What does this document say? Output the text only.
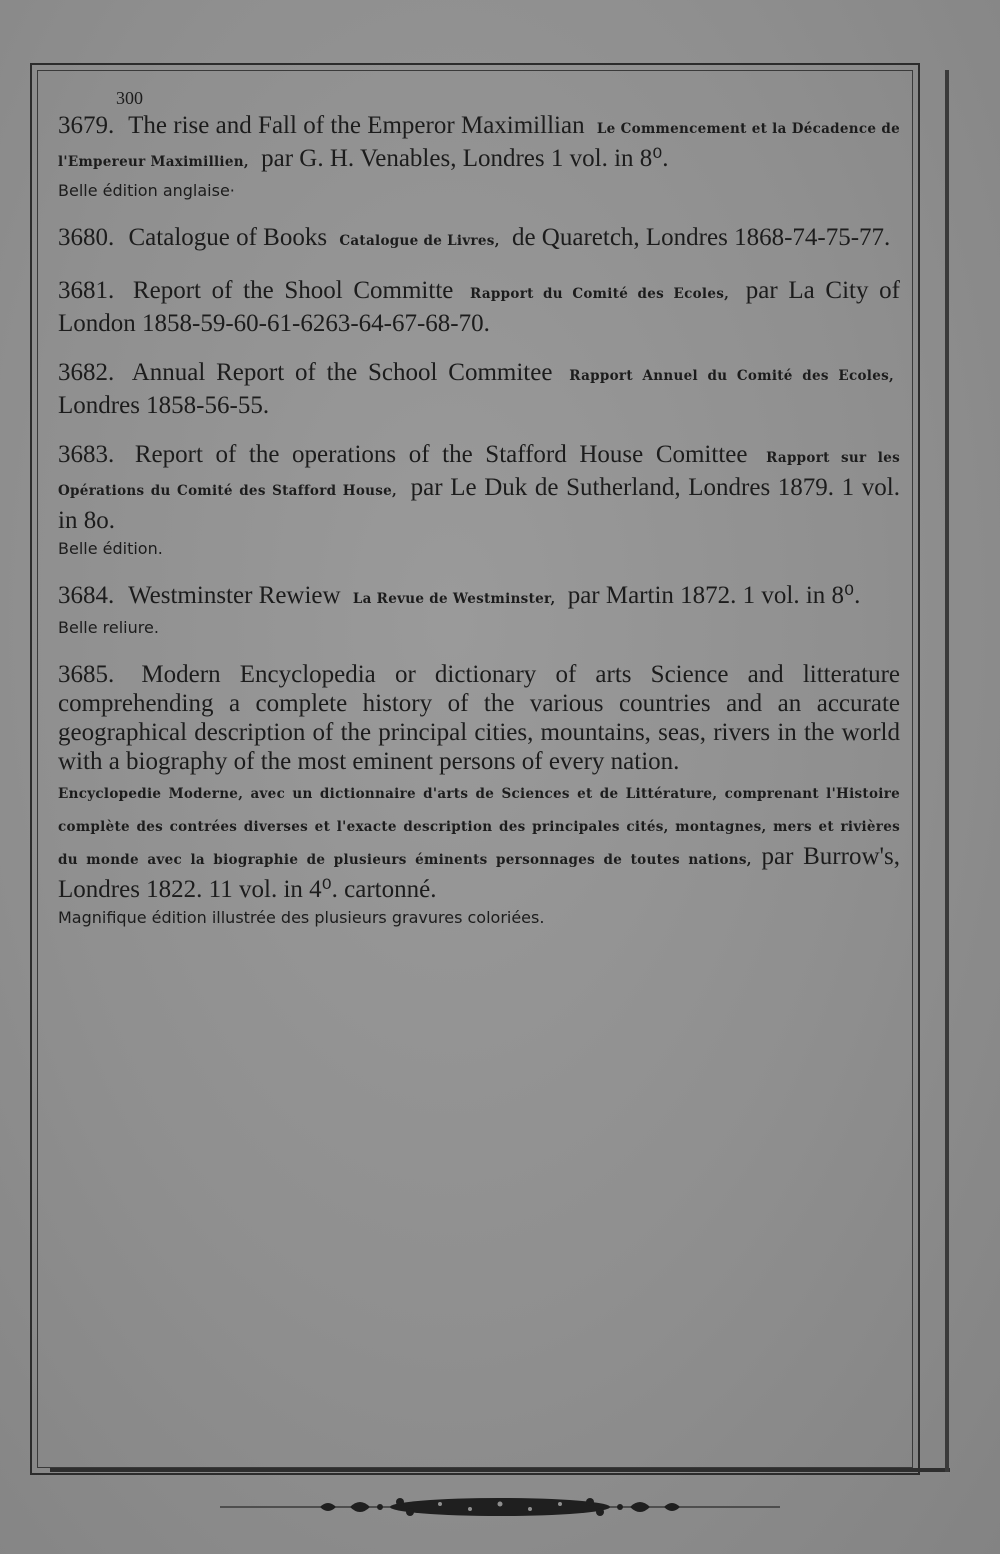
300
3679. The rise and Fall of the Emperor Maximillian Le Commencement et la Décadence de l'Empereur Maximillien, par G. H. Venables, Londres 1 vol. in 8⁰.
Belle édition anglaise·
3680. Catalogue of Books Catalogue de Livres, de Quaretch, Londres 1868-74-75-77.
3681. Report of the Shool Committe Rapport du Comité des Ecoles, par La City of London 1858-59-60-61-6263-64-67-68-70.
3682. Annual Report of the School Commitee Rapport Annuel du Comité des Ecoles, Londres 1858-56-55.
3683. Report of the operations of the Stafford House Comittee Rapport sur les Opérations du Comité des Stafford House, par Le Duk de Sutherland, Londres 1879. 1 vol. in 8o.
Belle édition.
3684. Westminster Rewiew La Revue de Westminster, par Martin 1872. 1 vol. in 8⁰.
Belle reliure.
3685. Modern Encyclopedia or dictionary of arts Science and litterature comprehending a complete history of the various countries and an accurate geographical description of the principal cities, mountains, seas, rivers in the world with a biography of the most eminent persons of every nation.
Encyclopedie Moderne, avec un dictionnaire d'arts de Sciences et de Littérature, comprenant l'Histoire complète des contrées diverses et l'exacte description des principales cités, montagnes, mers et rivières du monde avec la biographie de plusieurs éminents personnages de toutes nations, par Burrow's, Londres 1822. 11 vol. in 4⁰. cartonné.
Magnifique édition illustrée des plusieurs gravures coloriées.
